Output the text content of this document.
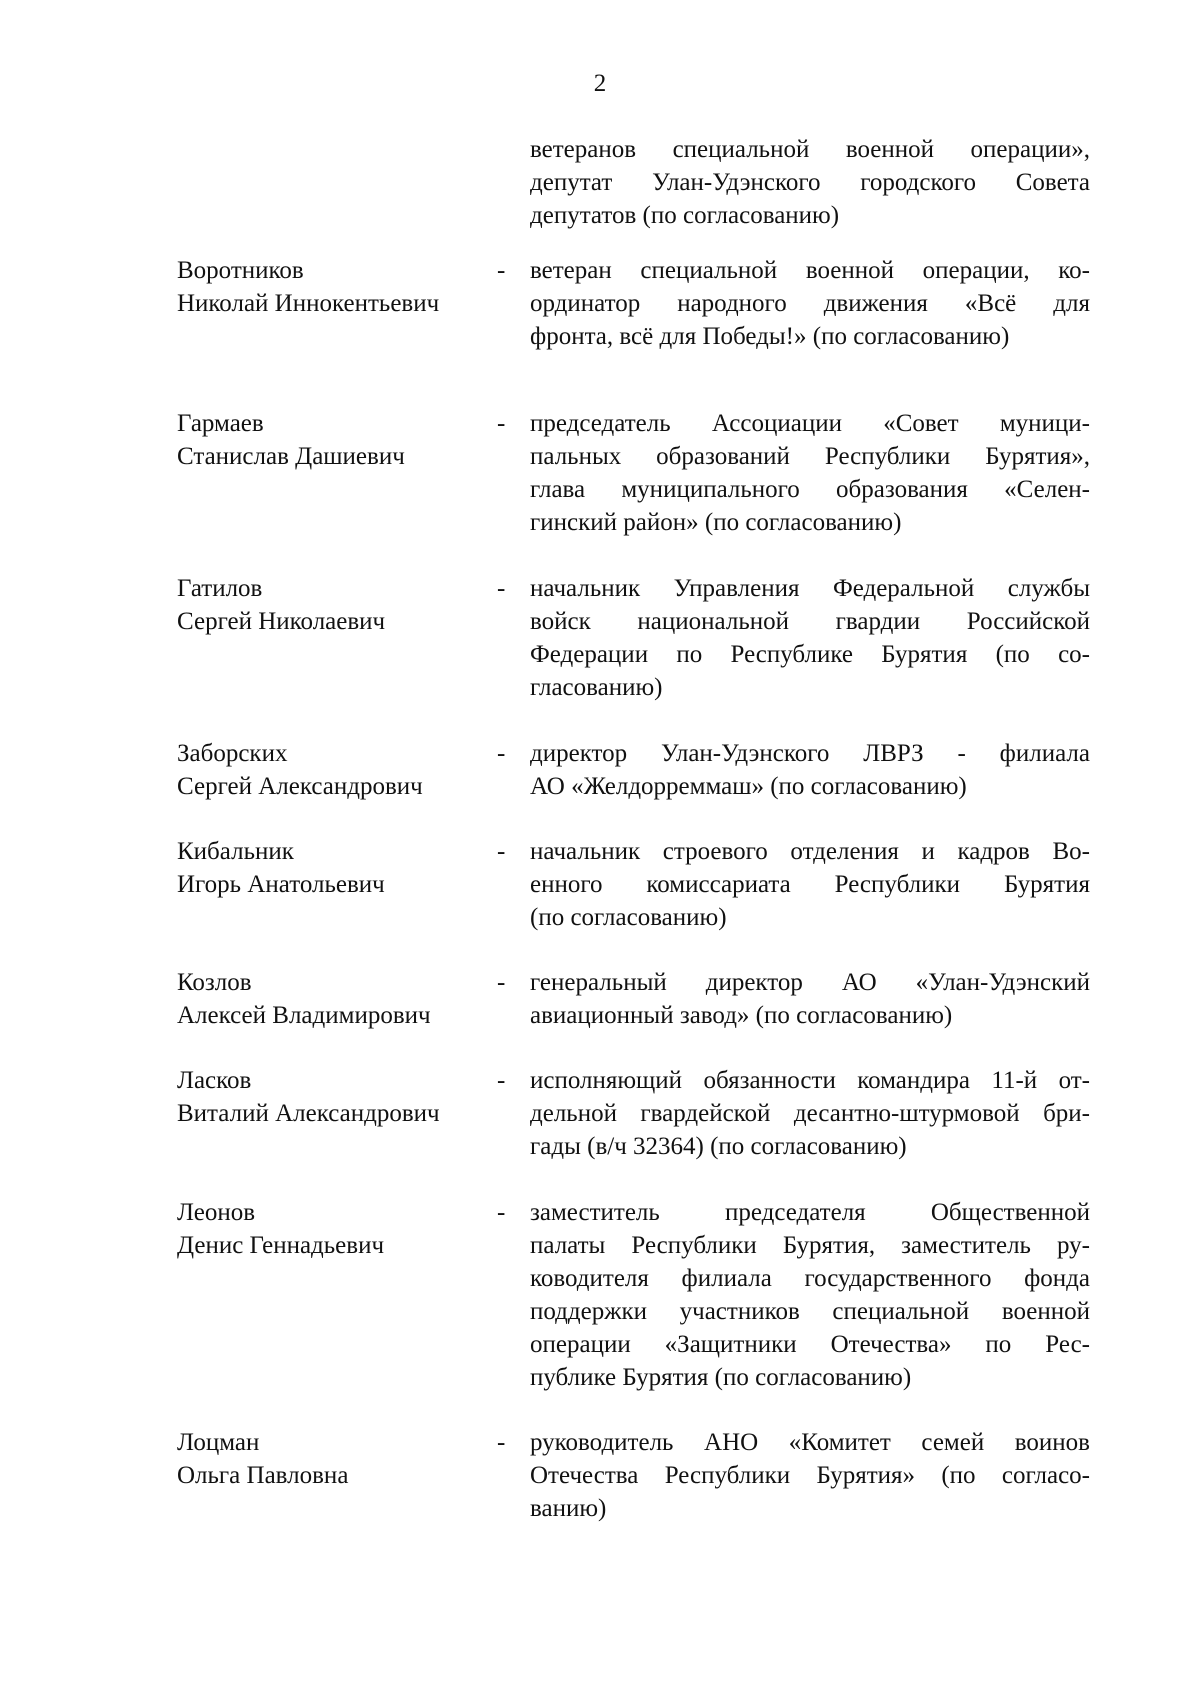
2
ветеранов специальной военной операции»,
депутат Улан-Удэнского городского Совета
депутатов (по согласованию)
Воротников
Николай Иннокентьевич
- ветеран специальной военной операции, ко-
ординатор народного движения «Всё для
фронта, всё для Победы!» (по согласованию)
Гармаев
Станислав Дашиевич
- председатель Ассоциации «Совет муници-
пальных образований Республики Бурятия»,
глава муниципального образования «Селен-
гинский район» (по согласованию)
Гатилов
Сергей Николаевич
- начальник Управления Федеральной службы
войск национальной гвардии Российской
Федерации по Республике Бурятия (по со-
гласованию)
Заборских
Сергей Александрович
- директор Улан-Удэнского ЛВРЗ - филиала
АО «Желдорреммаш» (по согласованию)
Кибальник
Игорь Анатольевич
- начальник строевого отделения и кадров Во-
енного комиссариата Республики Бурятия
(по согласованию)
Козлов
Алексей Владимирович
- генеральный директор АО «Улан-Удэнский
авиационный завод» (по согласованию)
Ласков
Виталий Александрович
- исполняющий обязанности командира 11-й от-
дельной гвардейской десантно-штурмовой бри-
гады (в/ч 32364) (по согласованию)
Леонов
Денис Геннадьевич
- заместитель председателя Общественной
палаты Республики Бурятия, заместитель ру-
ководителя филиала государственного фонда
поддержки участников специальной военной
операции «Защитники Отечества» по Рес-
публике Бурятия (по согласованию)
Лоцман
Ольга Павловна
- руководитель АНО «Комитет семей воинов
Отечества Республики Бурятия» (по согласо-
ванию)
